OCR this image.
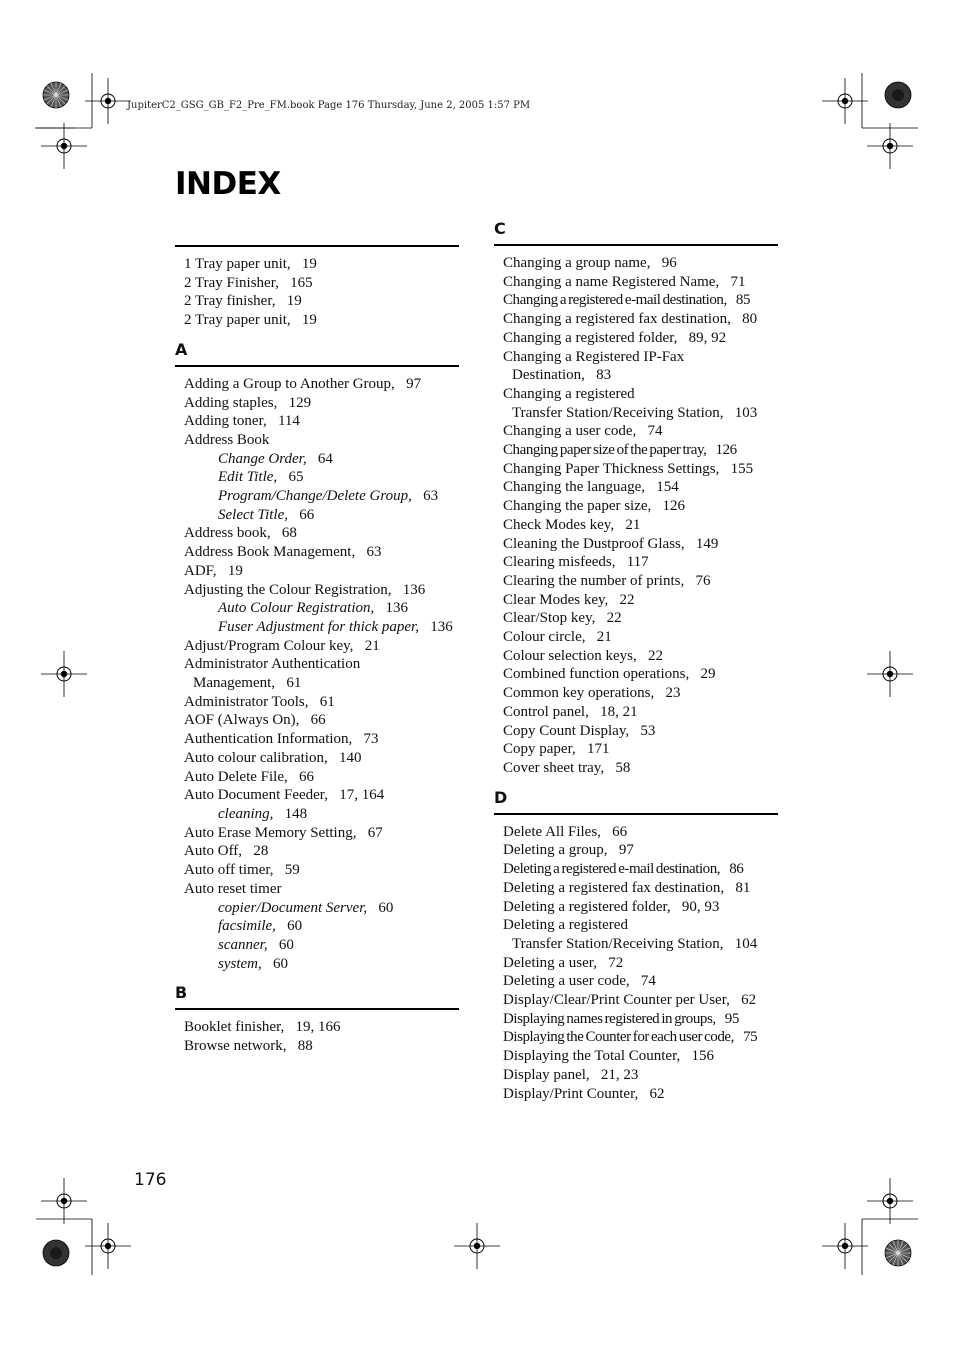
JupiterC2_GSG_GB_F2_Pre_FM.book Page 176 Thursday, June 2, 2005 1:57 PM
INDEX
1 Tray paper unit,  19
2 Tray Finisher,  165
2 Tray finisher,  19
2 Tray paper unit,  19
A
Adding a Group to Another Group,  97
Adding staples,  129
Adding toner,  114
Address Book
Change Order,  64
Edit Title,  65
Program/Change/Delete Group,  63
Select Title,  66
Address book,  68
Address Book Management,  63
ADF,  19
Adjusting the Colour Registration,  136
Auto Colour Registration,  136
Fuser Adjustment for thick paper,  136
Adjust/Program Colour key,  21
Administrator Authentication
Management,  61
Administrator Tools,  61
AOF (Always On),  66
Authentication Information,  73
Auto colour calibration,  140
Auto Delete File,  66
Auto Document Feeder,  17, 164
cleaning,  148
Auto Erase Memory Setting,  67
Auto Off,  28
Auto off timer,  59
Auto reset timer
copier/Document Server,  60
facsimile,  60
scanner,  60
system,  60
B
Booklet finisher,  19, 166
Browse network,  88
C
Changing a group name,  96
Changing a name Registered Name,  71
Changing a registered e-mail destination,  85
Changing a registered fax destination,  80
Changing a registered folder,  89, 92
Changing a Registered IP-Fax
Destination,  83
Changing a registered
Transfer Station/Receiving Station,  103
Changing a user code,  74
Changing paper size of the paper tray,  126
Changing Paper Thickness Settings,  155
Changing the language,  154
Changing the paper size,  126
Check Modes key,  21
Cleaning the Dustproof Glass,  149
Clearing misfeeds,  117
Clearing the number of prints,  76
Clear Modes key,  22
Clear/Stop key,  22
Colour circle,  21
Colour selection keys,  22
Combined function operations,  29
Common key operations,  23
Control panel,  18, 21
Copy Count Display,  53
Copy paper,  171
Cover sheet tray,  58
D
Delete All Files,  66
Deleting a group,  97
Deleting a registered e-mail destination,  86
Deleting a registered fax destination,  81
Deleting a registered folder,  90, 93
Deleting a registered
Transfer Station/Receiving Station,  104
Deleting a user,  72
Deleting a user code,  74
Display/Clear/Print Counter per User,  62
Displaying names registered in groups,  95
Displaying the Counter for each user code,  75
Displaying the Total Counter,  156
Display panel,  21, 23
Display/Print Counter,  62
176
